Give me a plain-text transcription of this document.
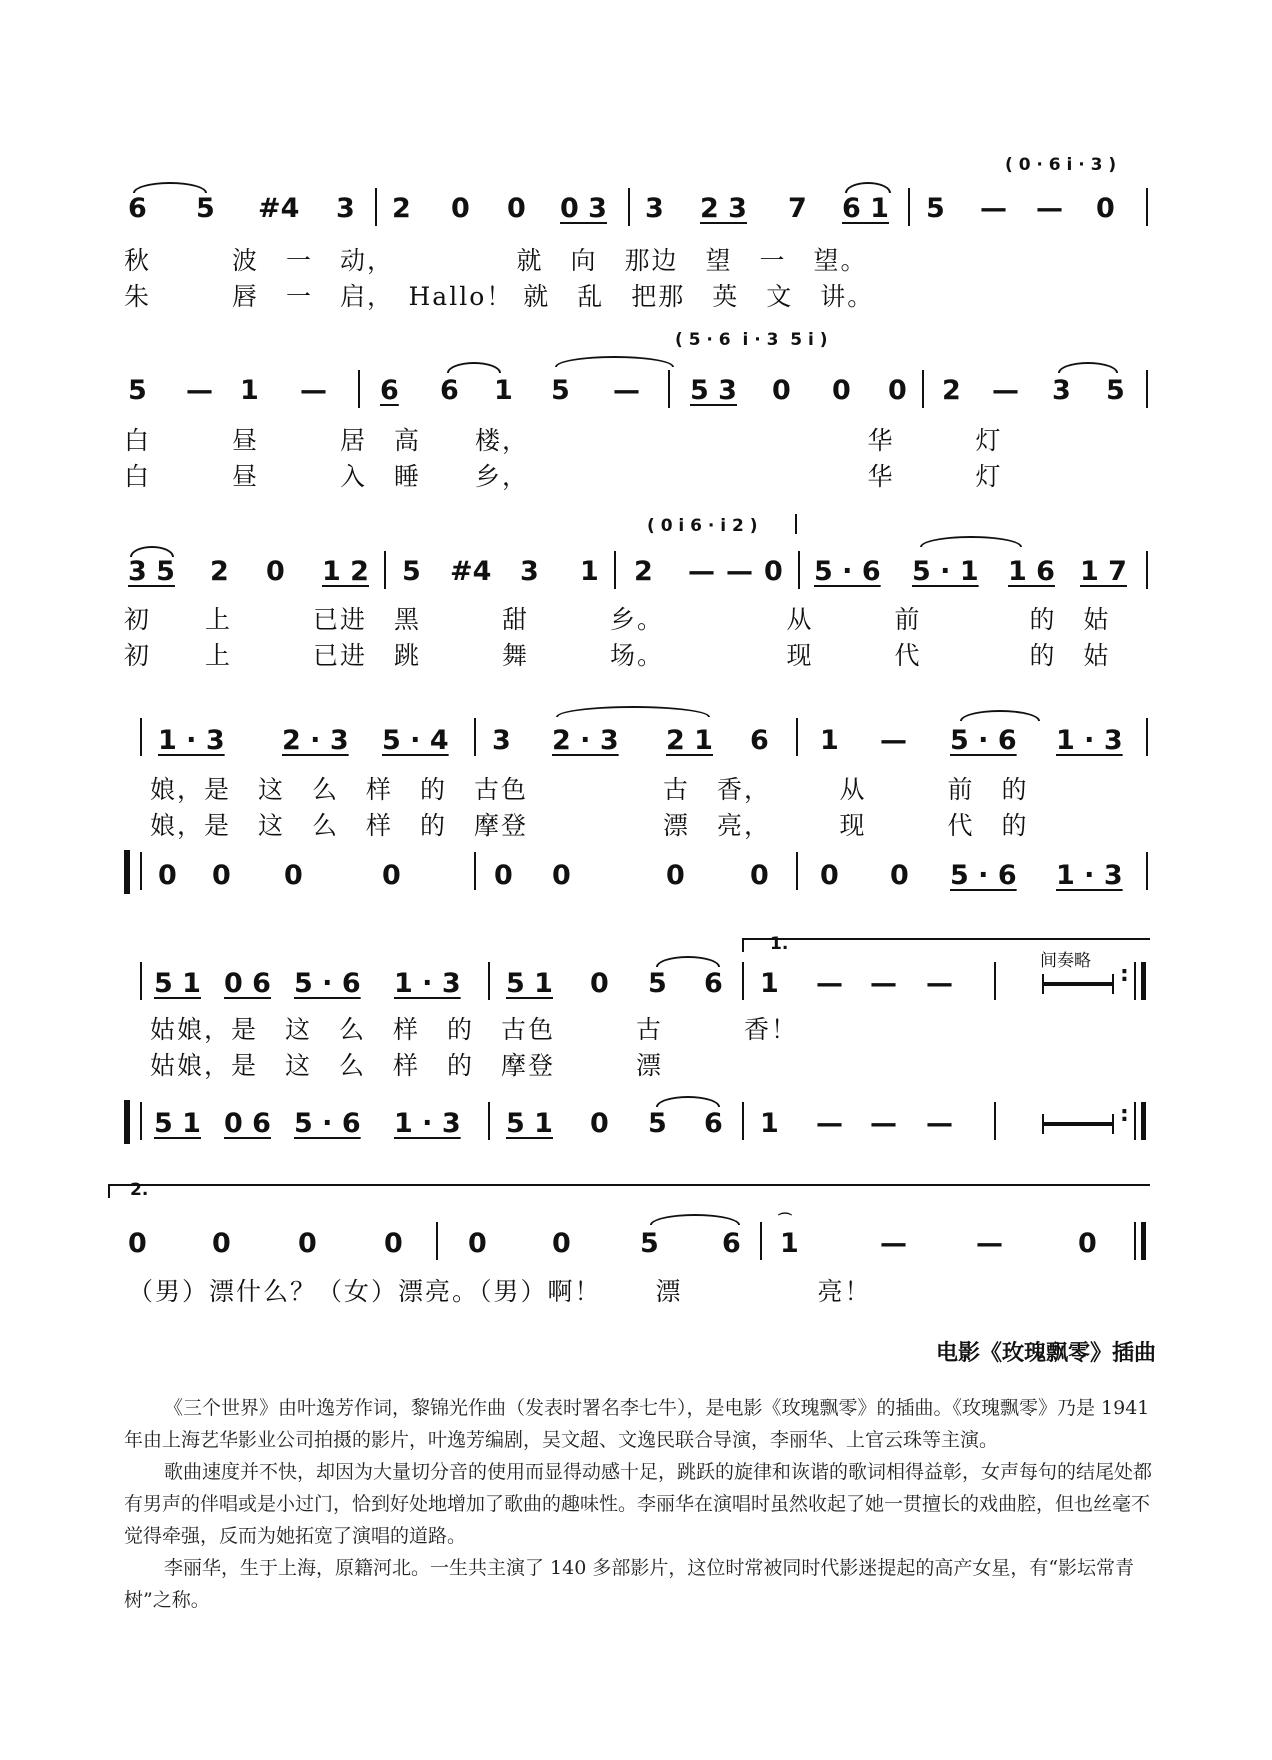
( 0 · 6 i · 3 )
6 5 #4 3 2 0 0 0 3 3 2 3 7 6 1 5 — — 0
秋　　　波　一　动，　　　　　就　向　那边　望　一　望。
朱　　　唇　一　启，　Hallo！ 就　乱　把那　英　文　讲。
( 5 · 6  i · 3  5 i )
5 — 1 — 6 6 1 5 — 5 3 0 0 0 2 — 3 5
白　　　昼　　　居　高　　楼，　　　　　　　　　　　　　华　　　灯
白　　　昼　　　入　睡　　乡，　　　　　　　　　　　　　华　　　灯
( 0 i 6 · i 2 )
3 5 2 0 1 2 5 #4 3 1 2 — — 0 5 · 6 5 · 1 1 6 1 7
初　　上　　　已进　黑　　　甜　　　乡。　　　　　从　　　前　　　　的　姑
初　　上　　　已进　跳　　　舞　　　场。　　　　　现　　　代　　　　的　姑
1 · 3 2 · 3 5 · 4 3 2 · 3 2 1 6 1 — 5 · 6 1 · 3
娘，是　这　么　样　的　古色　　　　　古　香，　　　从　　　前　的
娘，是　这　么　样　的　摩登　　　　　漂　亮，　　　现　　　代　的
0 0 0	0	0 0	0 0 0 0 5 · 6 1 · 3
1.
间奏略
5 1 0 6 5 · 6 1 · 3 5 1 0 5 6 1 — — —	:
姑娘，是　这　么　样　的　古色　　　古　　　香！
姑娘，是　这　么　样　的　摩登　　　漂
5 1 0 6 5 · 6 1 · 3 5 1 0 5 6 1 — — —	:
2.
0 0 0 0 0 0	5 6
⌒
1	—	—	0
（男）漂什么？（女）漂亮。（男）啊！　　漂　　　　　亮！
电影《玫瑰飘零》插曲

《三个世界》由叶逸芳作词，黎锦光作曲（发表时署名李七牛），是电影《玫瑰飘零》的插曲。《玫瑰飘零》乃是 1941 年由上海艺华影业公司拍摄的影片，叶逸芳编剧，吴文超、文逸民联合导演，李丽华、上官云珠等主演。

歌曲速度并不快，却因为大量切分音的使用而显得动感十足，跳跃的旋律和诙谐的歌词相得益彰，女声每句的结尾处都有男声的伴唱或是小过门，恰到好处地增加了歌曲的趣味性。李丽华在演唱时虽然收起了她一贯擅长的戏曲腔，但也丝毫不觉得牵强，反而为她拓宽了演唱的道路。

李丽华，生于上海，原籍河北。一生共主演了 140 多部影片，这位时常被同时代影迷提起的高产女星，有“影坛常青树”之称。
